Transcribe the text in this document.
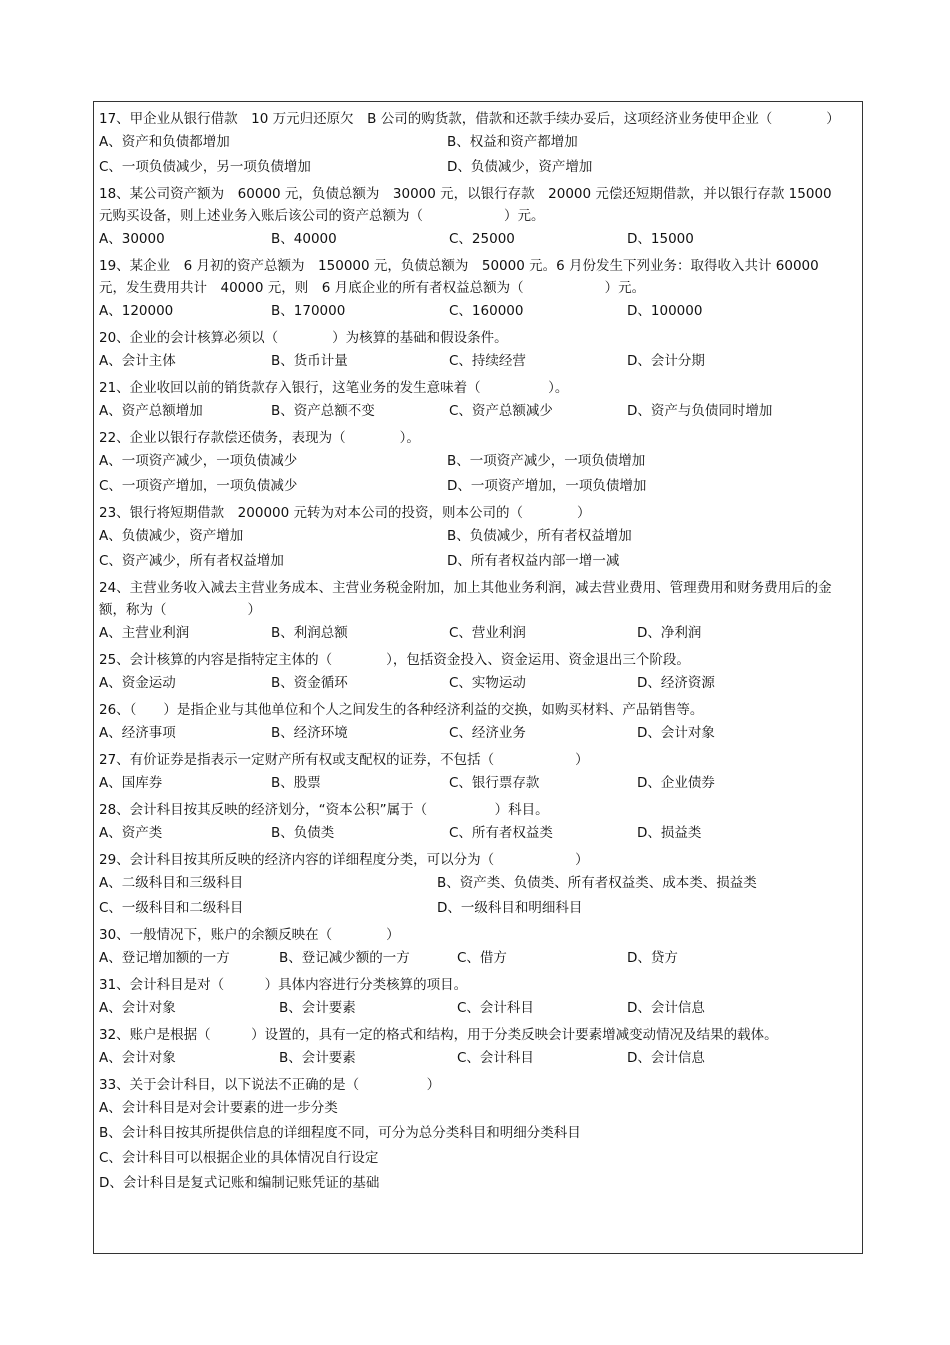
17、甲企业从银行借款　10 万元归还原欠　B 公司的购货款，借款和还款手续办妥后，这项经济业务使甲企业（　　　　）
A、资产和负债都增加	B、权益和资产都增加
C、一项负债减少，另一项负债增加	D、负债减少，资产增加
18、某公司资产额为　60000 元，负债总额为　30000 元，以银行存款　20000 元偿还短期借款，并以银行存款 15000 元购买设备，则上述业务入账后该公司的资产总额为（　　　　　　）元。
A、30000	B、40000	C、25000	D、15000
19、某企业　6 月初的资产总额为　150000 元，负债总额为　50000 元。6 月份发生下列业务：取得收入共计 60000 元，发生费用共计　40000 元，则　6 月底企业的所有者权益总额为（　　　　　　）元。
A、120000	B、170000	C、160000	D、100000
20、企业的会计核算必须以（　　　　）为核算的基础和假设条件。
A、会计主体	B、货币计量	C、持续经营	D、会计分期
21、企业收回以前的销货款存入银行，这笔业务的发生意味着（　　　　　）。
A、资产总额增加	B、资产总额不变	C、资产总额减少	D、资产与负债同时增加
22、企业以银行存款偿还债务，表现为（　　　　）。
A、一项资产减少，一项负债减少	B、一项资产减少，一项负债增加
C、一项资产增加，一项负债减少	D、一项资产增加，一项负债增加
23、银行将短期借款　200000 元转为对本公司的投资，则本公司的（　　　　）
A、负债减少，资产增加	B、负债减少，所有者权益增加
C、资产减少，所有者权益增加	D、所有者权益内部一增一减
24、主营业务收入减去主营业务成本、主营业务税金附加，加上其他业务利润，减去营业费用、管理费用和财务费用后的金额，称为（　　　　　　）
A、主营业利润	B、利润总额	C、营业利润	D、净利润
25、会计核算的内容是指特定主体的（　　　　），包括资金投入、资金运用、资金退出三个阶段。
A、资金运动	B、资金循环	C、实物运动	D、经济资源
26、（　　）是指企业与其他单位和个人之间发生的各种经济利益的交换，如购买材料、产品销售等。
A、经济事项	B、经济环境	C、经济业务	D、会计对象
27、有价证券是指表示一定财产所有权或支配权的证券，不包括（　　　　　　）
A、国库券	B、股票	C、银行票存款	D、企业债券
28、会计科目按其反映的经济划分，“资本公积”属于（　　　　　）科目。
A、资产类	B、负债类	C、所有者权益类	D、损益类
29、会计科目按其所反映的经济内容的详细程度分类，可以分为（　　　　　　）
A、二级科目和三级科目	B、资产类、负债类、所有者权益类、成本类、损益类
C、一级科目和二级科目	D、一级科目和明细科目
30、一般情况下，账户的余额反映在（　　　　）
A、登记增加额的一方	B、登记减少额的一方	C、借方	D、贷方
31、会计科目是对（　　　）具体内容进行分类核算的项目。
A、会计对象	B、会计要素	C、会计科目	D、会计信息
32、账户是根据（　　　）设置的，具有一定的格式和结构，用于分类反映会计要素增减变动情况及结果的载体。
A、会计对象	B、会计要素	C、会计科目	D、会计信息
33、关于会计科目，以下说法不正确的是（　　　　　）
A、会计科目是对会计要素的进一步分类
B、会计科目按其所提供信息的详细程度不同，可分为总分类科目和明细分类科目
C、会计科目可以根据企业的具体情况自行设定
D、会计科目是复式记账和编制记账凭证的基础
